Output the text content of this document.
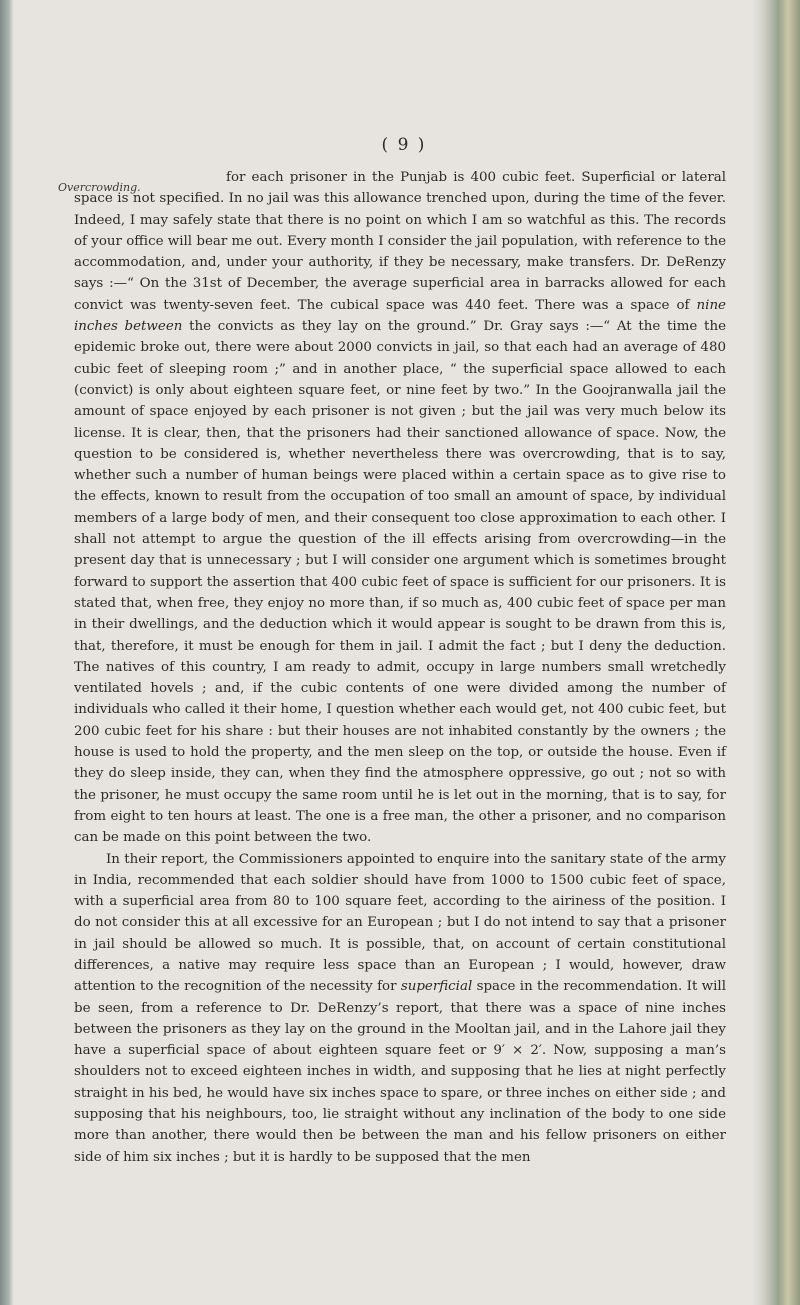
( 9 )
Overcrowding.

for each prisoner in the Punjab is 400 cubic feet. Superficial or lateral space is not specified. In no jail was this allowance trenched upon, during the time of the fever. Indeed, I may safely state that there is no point on which I am so watchful as this. The records of your office will bear me out. Every month I consider the jail population, with reference to the accommodation, and, under your authority, if they be necessary, make transfers. Dr. DeRenzy says :—“ On the 31st of December, the average superficial area in barracks allowed for each convict was twenty-seven feet. The cubical space was 440 feet. There was a space of nine inches between the convicts as they lay on the ground.” Dr. Gray says :—“ At the time the epidemic broke out, there were about 2000 convicts in jail, so that each had an average of 480 cubic feet of sleeping room ;” and in another place, “ the superficial space allowed to each (convict) is only about eighteen square feet, or nine feet by two.” In the Goojranwalla jail the amount of space enjoyed by each prisoner is not given ; but the jail was very much below its license. It is clear, then, that the prisoners had their sanctioned allowance of space. Now, the question to be considered is, whether nevertheless there was overcrowding, that is to say, whether such a number of human beings were placed within a certain space as to give rise to the effects, known to result from the occupation of too small an amount of space, by individual members of a large body of men, and their consequent too close approximation to each other. I shall not attempt to argue the question of the ill effects arising from overcrowding—in the present day that is unnecessary ; but I will consider one argument which is sometimes brought forward to support the assertion that 400 cubic feet of space is sufficient for our prisoners. It is stated that, when free, they enjoy no more than, if so much as, 400 cubic feet of space per man in their dwellings, and the deduction which it would appear is sought to be drawn from this is, that, therefore, it must be enough for them in jail. I admit the fact ; but I deny the deduction. The natives of this country, I am ready to admit, occupy in large numbers small wretchedly ventilated hovels ; and, if the cubic contents of one were divided among the number of individuals who called it their home, I question whether each would get, not 400 cubic feet, but 200 cubic feet for his share : but their houses are not inhabited constantly by the owners ; the house is used to hold the property, and the men sleep on the top, or outside the house. Even if they do sleep inside, they can, when they find the atmosphere oppressive, go out ; not so with the prisoner, he must occupy the same room until he is let out in the morning, that is to say, for from eight to ten hours at least. The one is a free man, the other a prisoner, and no comparison can be made on this point between the two.

In their report, the Commissioners appointed to enquire into the sanitary state of the army in India, recommended that each soldier should have from 1000 to 1500 cubic feet of space, with a superficial area from 80 to 100 square feet, according to the airiness of the position. I do not consider this at all excessive for an European ; but I do not intend to say that a prisoner in jail should be allowed so much. It is possible, that, on account of certain constitutional differences, a native may require less space than an European ; I would, however, draw attention to the recognition of the necessity for superficial space in the recommendation. It will be seen, from a reference to Dr. DeRenzy’s report, that there was a space of nine inches between the prisoners as they lay on the ground in the Mooltan jail, and in the Lahore jail they have a superficial space of about eighteen square feet or 9′ × 2′. Now, supposing a man’s shoulders not to exceed eighteen inches in width, and supposing that he lies at night perfectly straight in his bed, he would have six inches space to spare, or three inches on either side ; and supposing that his neighbours, too, lie straight without any inclination of the body to one side more than another, there would then be between the man and his fellow prisoners on either side of him six inches ; but it is hardly to be supposed that the men
